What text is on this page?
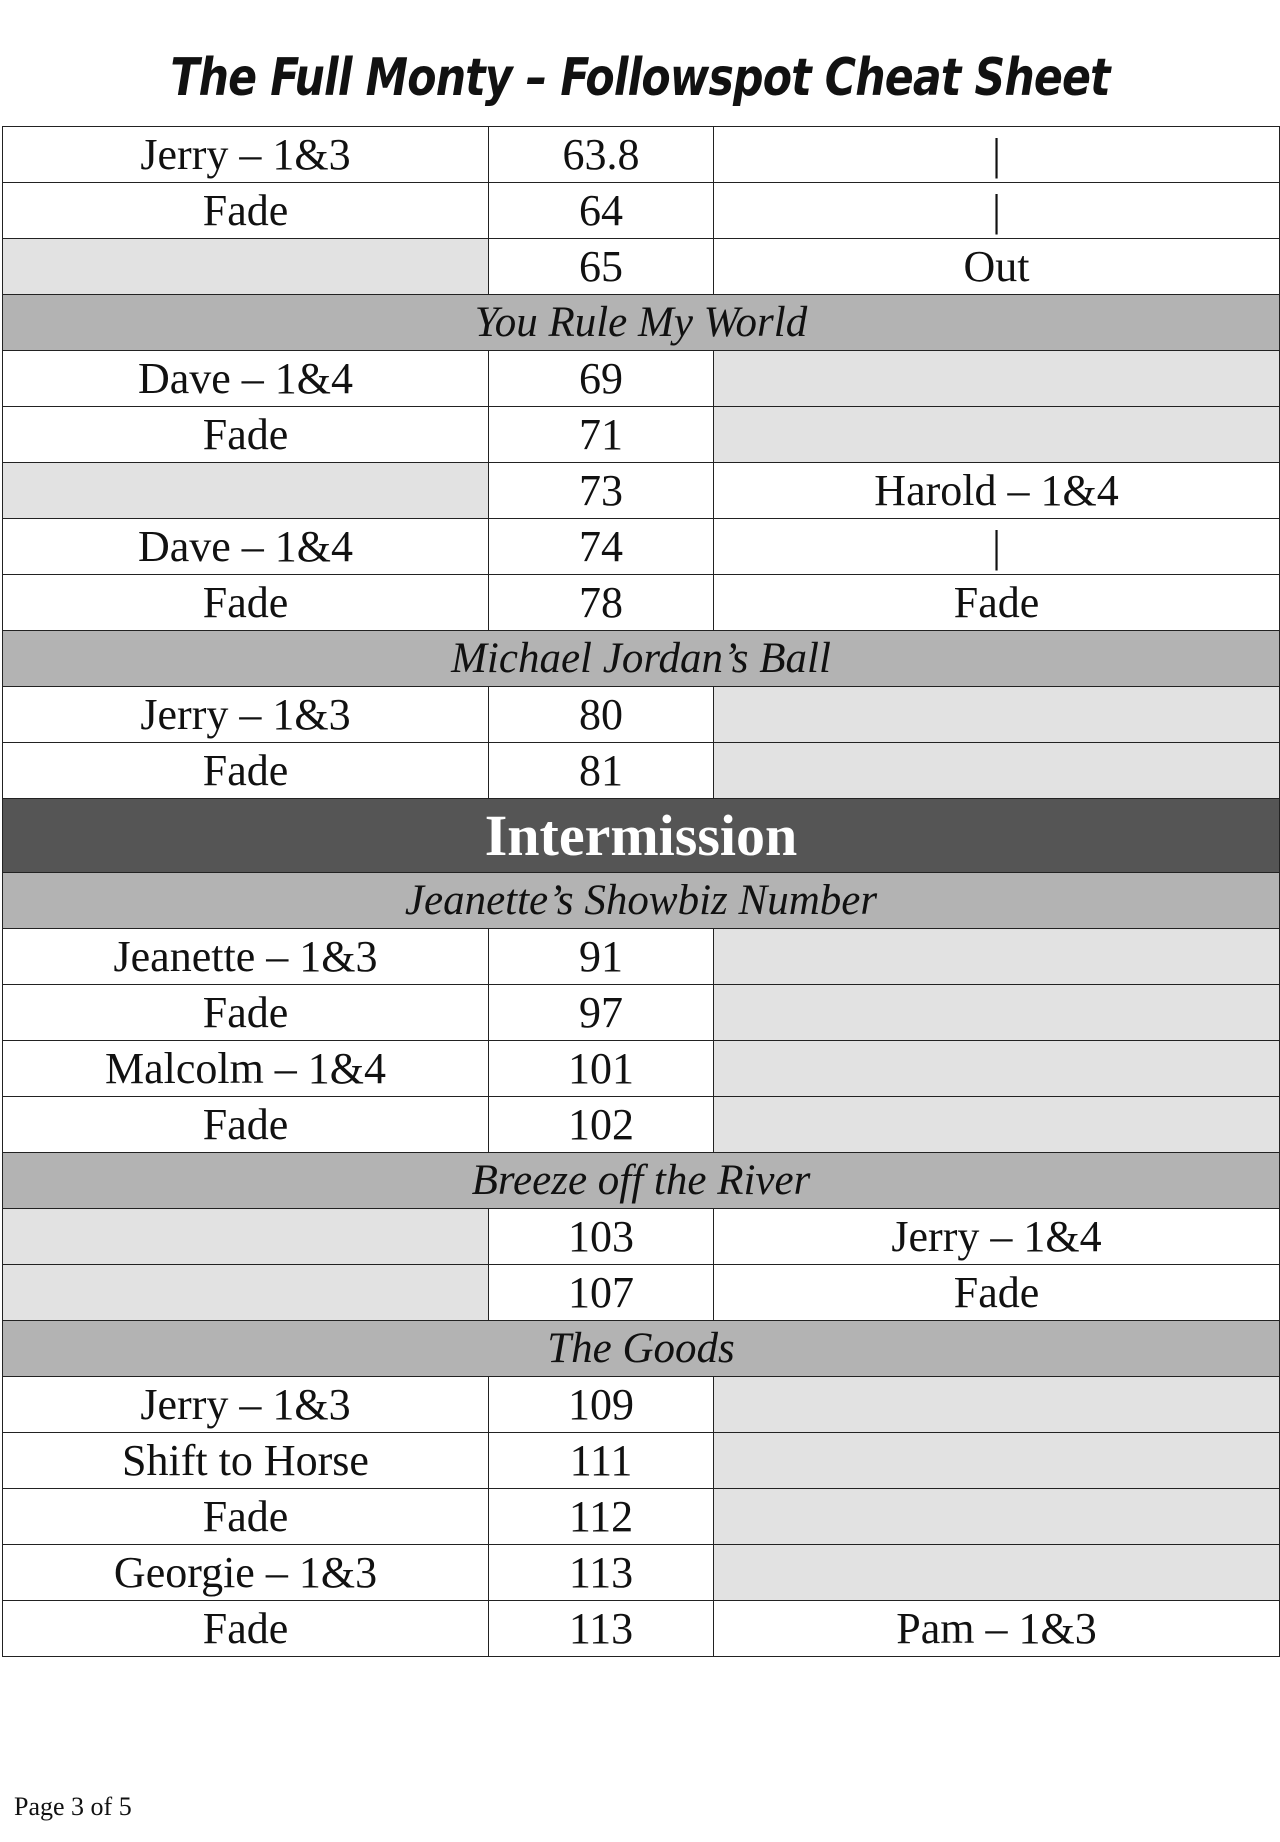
The Full Monty – Followspot Cheat Sheet
Jerry – 1&3	63.8	|
Fade	64	|
	65	Out
You Rule My World		
Dave – 1&4	69	
Fade	71	
	73	Harold – 1&4
Dave – 1&4	74	|
Fade	78	Fade
Michael Jordan’s Ball		
Jerry – 1&3	80	
Fade	81	
Intermission		
Jeanette’s Showbiz Number		
Jeanette – 1&3	91	
Fade	97	
Malcolm – 1&4	101	
Fade	102	
Breeze off the River		
	103	Jerry – 1&4
	107	Fade
The Goods		
Jerry – 1&3	109	
Shift to Horse	111	
Fade	112	
Georgie – 1&3	113	
Fade	113	Pam – 1&3
Page 3 of 5
